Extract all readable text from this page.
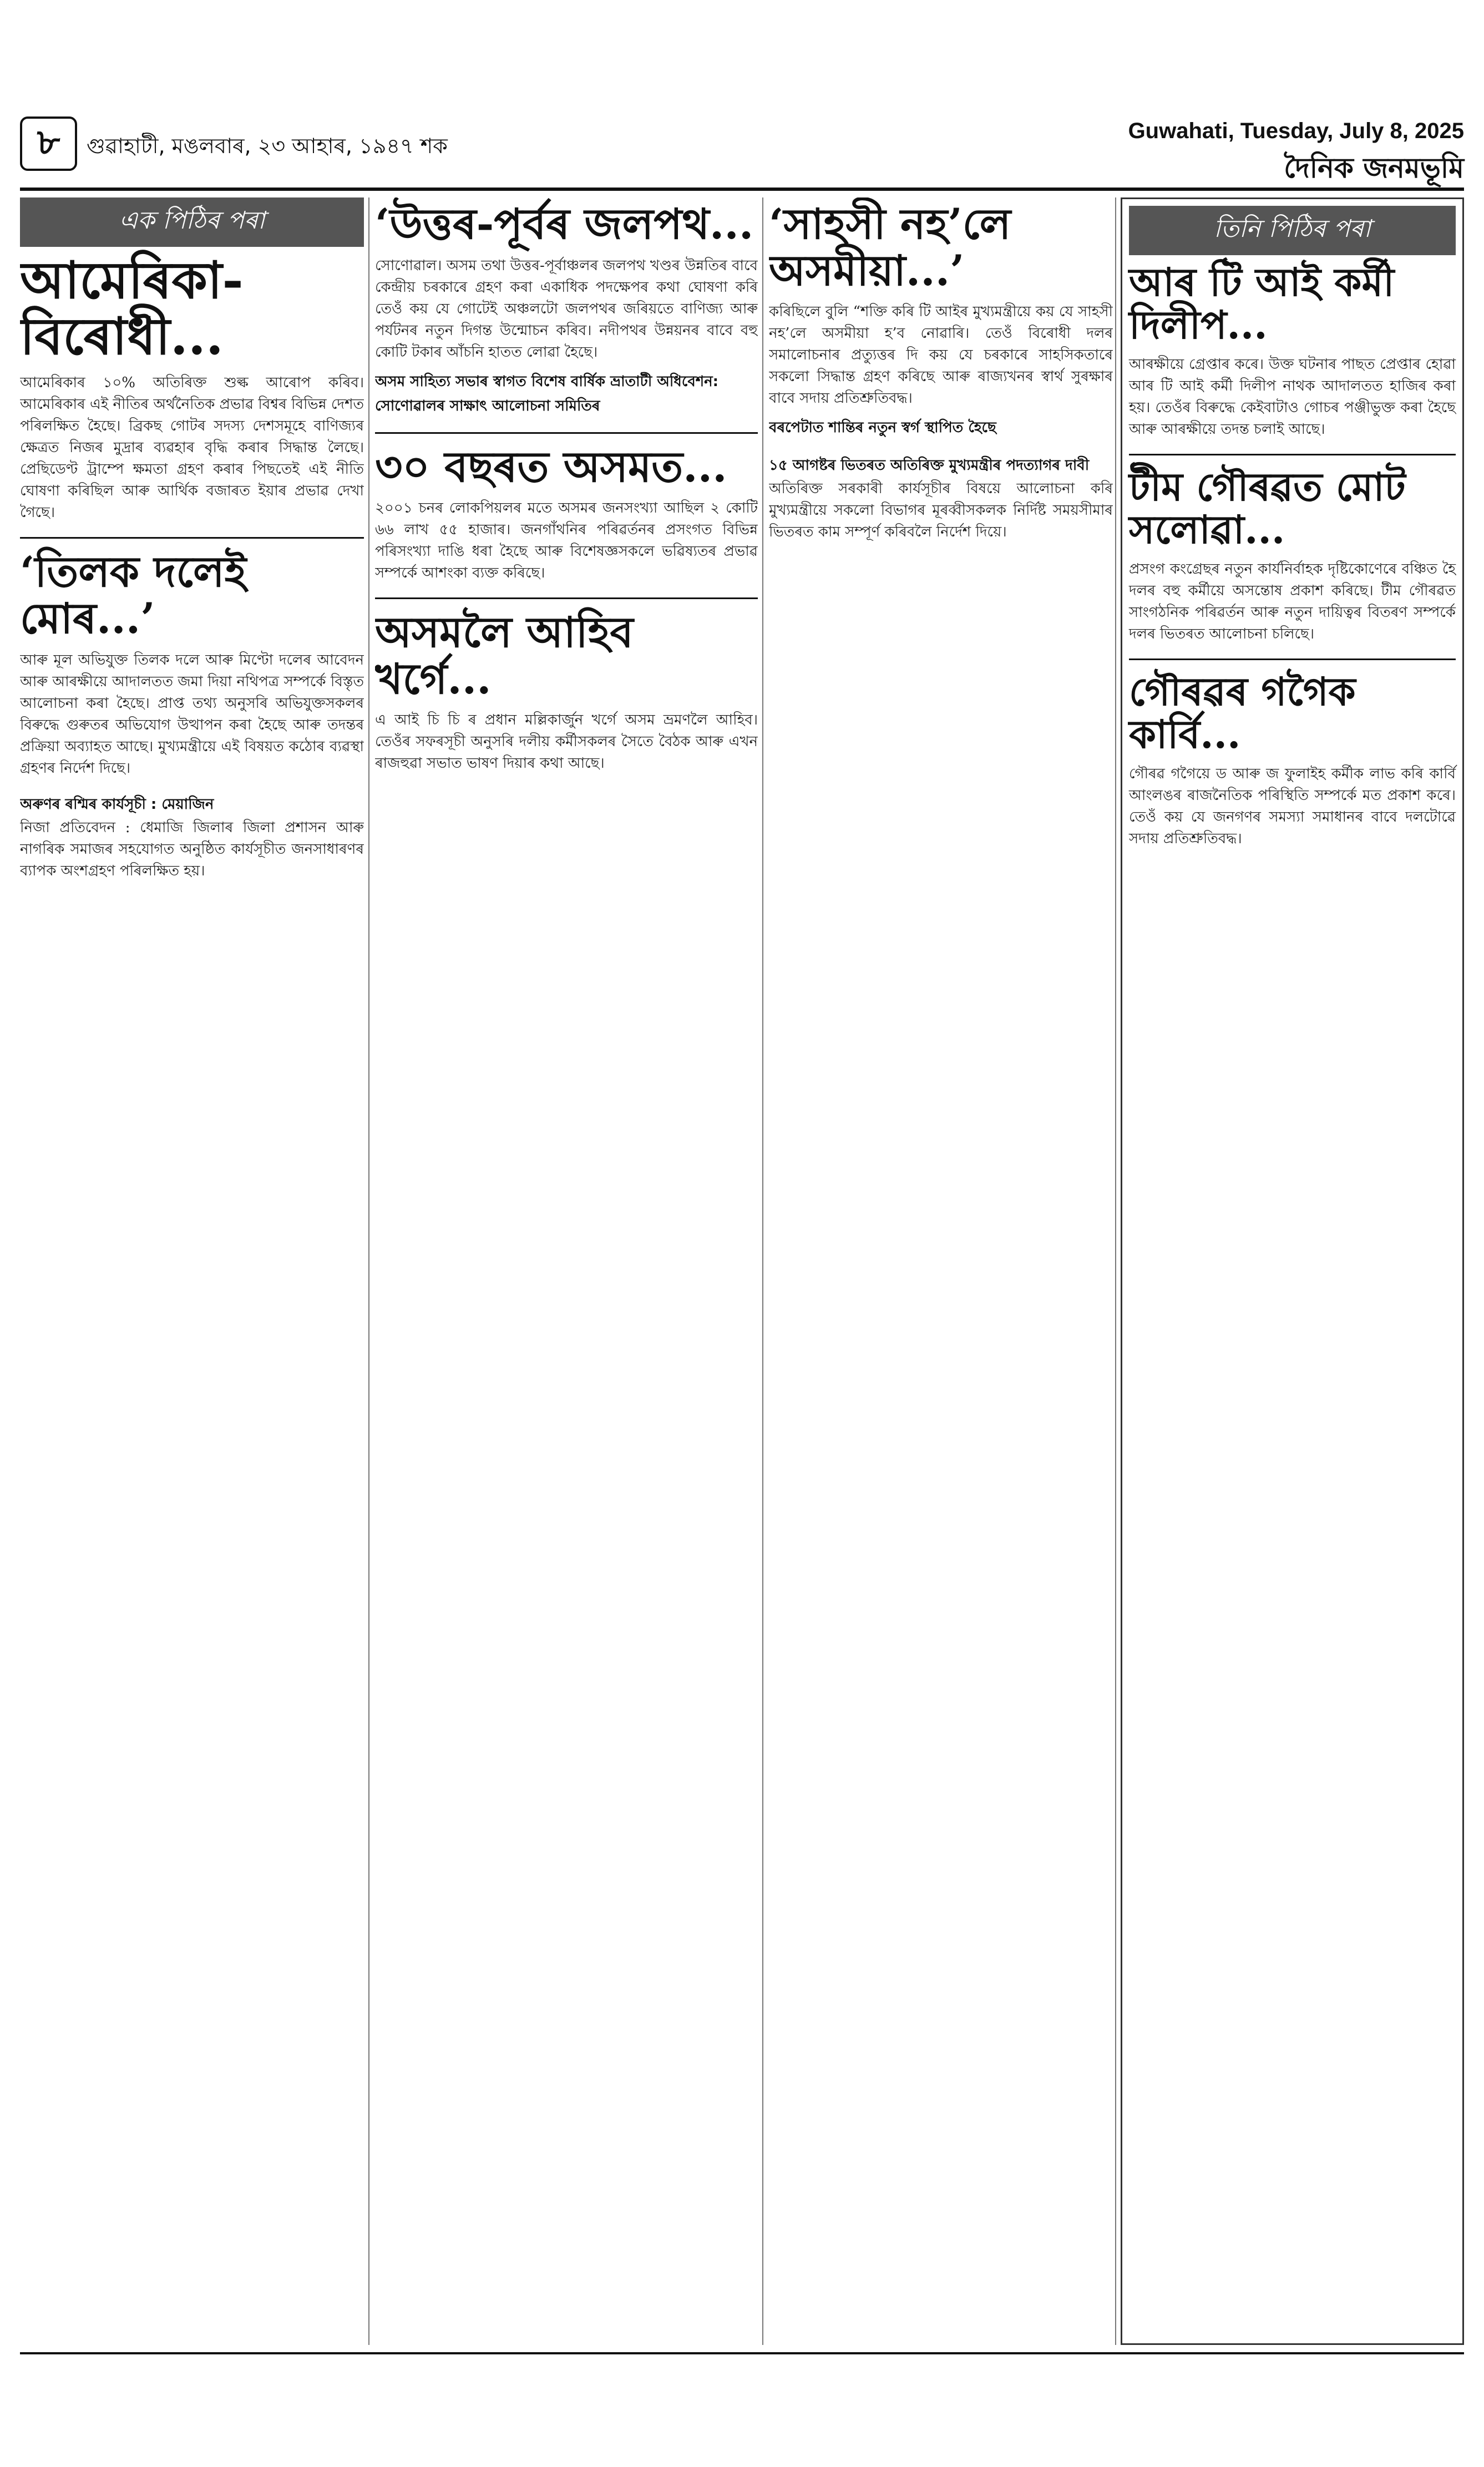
৮	গুৱাহাটী, মঙলবাৰ, ২৩ আহাৰ, ১৯৪৭ শক
Guwahati, Tuesday, July 8, 2025
দৈনিক জনমভূমি
এক পিঠিৰ পৰা
আমেৰিকা-বিৰোধী...

আমেৰিকাৰ ১০% অতিৰিক্ত শুল্ক আৰোপ কৰিব। আমেৰিকাৰ এই নীতিৰ অৰ্থনৈতিক প্ৰভাৱ বিশ্বৰ বিভিন্ন দেশত পৰিলক্ষিত হৈছে। ব্ৰিকছ গোটৰ সদস্য দেশসমূহে বাণিজ্যৰ ক্ষেত্ৰত নিজৰ মুদ্ৰাৰ ব্যৱহাৰ বৃদ্ধি কৰাৰ সিদ্ধান্ত লৈছে। প্ৰেছিডেণ্ট ট্ৰাম্পে ক্ষমতা গ্ৰহণ কৰাৰ পিছতেই এই নীতি ঘোষণা কৰিছিল আৰু আৰ্থিক বজাৰত ইয়াৰ প্ৰভাৱ দেখা গৈছে।

‘তিলক দলেই মোৰ...’

আৰু মূল অভিযুক্ত তিলক দলে আৰু মিণ্টো দলেৰ আবেদন আৰু আৰক্ষীয়ে আদালতত জমা দিয়া নথিপত্ৰ সম্পৰ্কে বিস্তৃত আলোচনা কৰা হৈছে। প্ৰাপ্ত তথ্য অনুসৰি অভিযুক্তসকলৰ বিৰুদ্ধে গুৰুতৰ অভিযোগ উত্থাপন কৰা হৈছে আৰু তদন্তৰ প্ৰক্ৰিয়া অব্যাহত আছে। মুখ্যমন্ত্ৰীয়ে এই বিষয়ত কঠোৰ ব্যৱস্থা গ্ৰহণৰ নিৰ্দেশ দিছে।

অৰুণৰ ৰশ্মিৰ কাৰ্যসূচী : মেয়াজিন

নিজা প্ৰতিবেদন : ধেমাজি জিলাৰ জিলা প্ৰশাসন আৰু নাগৰিক সমাজৰ সহযোগত অনুষ্ঠিত কাৰ্যসূচীত জনসাধাৰণৰ ব্যাপক অংশগ্ৰহণ পৰিলক্ষিত হয়।

‘উত্তৰ-পূৰ্বৰ জলপথ...

সোণোৱাল। অসম তথা উত্তৰ-পূৰ্বাঞ্চলৰ জলপথ খণ্ডৰ উন্নতিৰ বাবে কেন্দ্ৰীয় চৰকাৰে গ্ৰহণ কৰা একাধিক পদক্ষেপৰ কথা ঘোষণা কৰি তেওঁ কয় যে গোটেই অঞ্চলটো জলপথৰ জৰিয়তে বাণিজ্য আৰু পৰ্যটনৰ নতুন দিগন্ত উন্মোচন কৰিব। নদীপথৰ উন্নয়নৰ বাবে বহু কোটি টকাৰ আঁচনি হাতত লোৱা হৈছে।

অসম সাহিত্য সভাৰ স্বাগত বিশেষ বাৰ্ষিক ভ্ৰাতাটী অধিবেশন: সোণোৱালৰ সাক্ষাৎ আলোচনা সমিতিৰ
৩০ বছৰত অসমত...

২০০১ চনৰ লোকপিয়লৰ মতে অসমৰ জনসংখ্যা আছিল ২ কোটি ৬৬ লাখ ৫৫ হাজাৰ। জনগাঁথনিৰ পৰিৱৰ্তনৰ প্ৰসংগত বিভিন্ন পৰিসংখ্যা দাঙি ধৰা হৈছে আৰু বিশেষজ্ঞসকলে ভৱিষ্যতৰ প্ৰভাৱ সম্পৰ্কে আশংকা ব্যক্ত কৰিছে।

অসমলৈ আহিব খৰ্গে...

এ আই চি চি ৰ প্ৰধান মল্লিকাৰ্জুন খৰ্গে অসম ভ্ৰমণলৈ আহিব। তেওঁৰ সফৰসূচী অনুসৰি দলীয় কৰ্মীসকলৰ সৈতে বৈঠক আৰু এখন ৰাজহুৱা সভাত ভাষণ দিয়াৰ কথা আছে।

‘সাহসী নহ’লে অসমীয়া...’

কৰিছিলে বুলি “শক্তি কৰি টি আইৰ মুখ্যমন্ত্ৰীয়ে কয় যে সাহসী নহ’লে অসমীয়া হ’ব নোৱাৰি। তেওঁ বিৰোধী দলৰ সমালোচনাৰ প্ৰত্যুত্তৰ দি কয় যে চৰকাৰে সাহসিকতাৰে সকলো সিদ্ধান্ত গ্ৰহণ কৰিছে আৰু ৰাজ্যখনৰ স্বাৰ্থ সুৰক্ষাৰ বাবে সদায় প্ৰতিশ্ৰুতিবদ্ধ।

বৰপেটাত শান্তিৰ নতুন স্বৰ্গ স্থাপিত হৈছে
১৫ আগষ্টৰ ভিতৰত অতিৰিক্ত মুখ্যমন্ত্ৰীৰ পদত্যাগৰ দাবী

অতিৰিক্ত সৰকাৰী কাৰ্যসূচীৰ বিষয়ে আলোচনা কৰি মুখ্যমন্ত্ৰীয়ে সকলো বিভাগৰ মূৰব্বীসকলক নিৰ্দিষ্ট সময়সীমাৰ ভিতৰত কাম সম্পূৰ্ণ কৰিবলৈ নিৰ্দেশ দিয়ে।

তিনি পিঠিৰ পৰা
আৰ টি আই কৰ্মী দিলীপ...

আৰক্ষীয়ে গ্ৰেপ্তাৰ কৰে। উক্ত ঘটনাৰ পাছত প্ৰেপ্তাৰ হোৱা আৰ টি আই কৰ্মী দিলীপ নাথক আদালতত হাজিৰ কৰা হয়। তেওঁৰ বিৰুদ্ধে কেইবাটাও গোচৰ পঞ্জীভুক্ত কৰা হৈছে আৰু আৰক্ষীয়ে তদন্ত চলাই আছে।

টীম গৌৰৱত মোট সলোৱা...

প্ৰসংগ কংগ্ৰেছৰ নতুন কাৰ্যনিৰ্বাহক দৃষ্টিকোণেৰে বঞ্চিত হৈ দলৰ বহু কৰ্মীয়ে অসন্তোষ প্ৰকাশ কৰিছে। টীম গৌৰৱত সাংগঠনিক পৰিৱৰ্তন আৰু নতুন দায়িত্বৰ বিতৰণ সম্পৰ্কে দলৰ ভিতৰত আলোচনা চলিছে।

গৌৰৱৰ গগৈক কাৰ্বি...

গৌৰৱ গগৈয়ে ড আৰু জ ফুলাইহ কৰ্মীক লাভ কৰি কাৰ্বি আংলঙৰ ৰাজনৈতিক পৰিস্থিতি সম্পৰ্কে মত প্ৰকাশ কৰে। তেওঁ কয় যে জনগণৰ সমস্যা সমাধানৰ বাবে দলটোৱে সদায় প্ৰতিশ্ৰুতিবদ্ধ।
